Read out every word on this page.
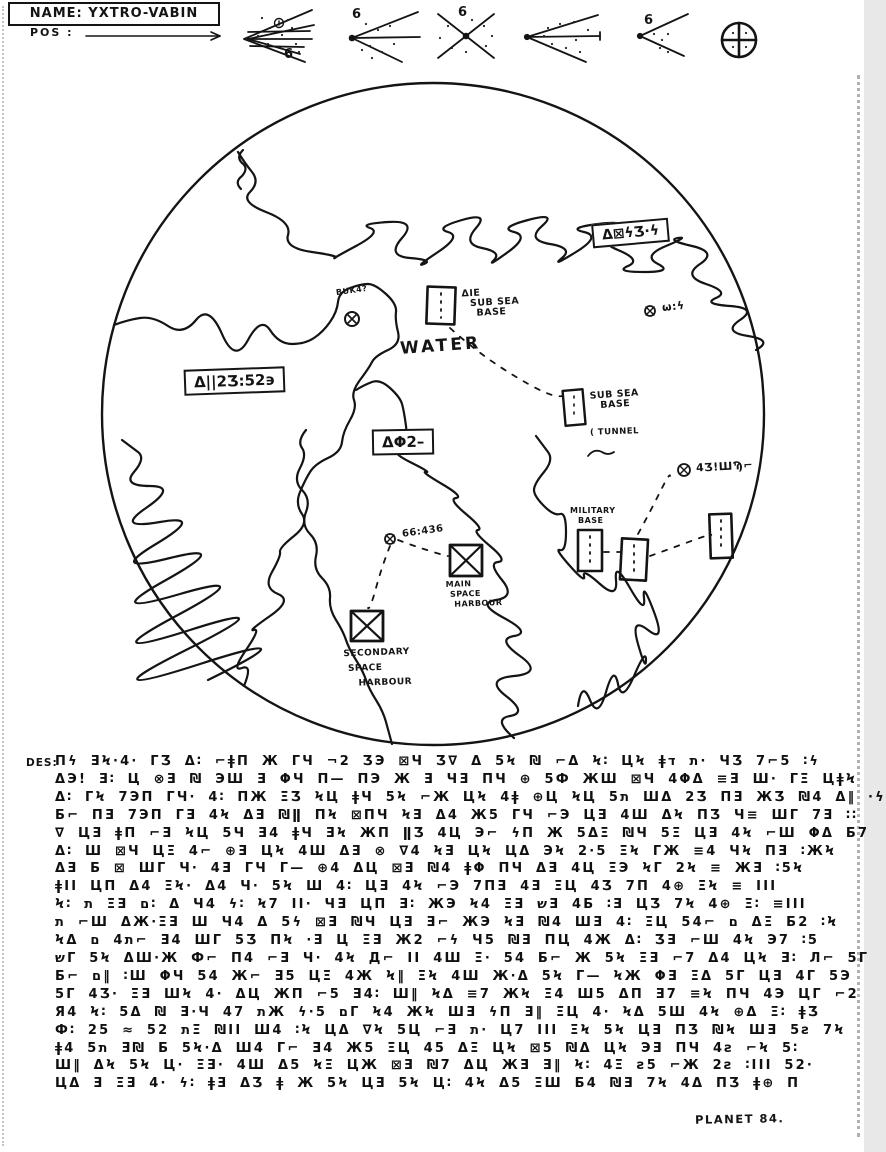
NAME: YXTRO-VABIN
POS :
6
6	6
6
Δ||2Ʒ:52϶
Δ⊠ϟƷ·ϟ
ΔΦ2–
WATER
BUK4?	ΔIE
SUB SEA
BASE	ω:ϟ
SUB SEA
BASE
( TUNNEL
4Ʒ!ШϠ⌐
66:436
MILITARY
BASE
MAIN
SPACE
HARBOUR
SECONDARY
SPACE
HARBOUR
DES:
Πϟ ƎϞ·4· ΓƷ Δ∶ ⌐ǂΠ Ж ΓЧ ¬2 ƷЭ ⊠Ч Ʒ∇ Δ 5Ϟ ₪ ⌐Δ Ϟ∶ ЦϞ ǂת ד· ЧƷ 7⌐5 ∶ϟ
ΔЭ! Ǝ∶ Ц ⊗Ǝ ₪ ЭШ Ǝ ΦЧ Π— ΠЭ Ж Ǝ ЧƎ ΠЧ ⊕ 5Ф ЖШ ⊠Ч 4ΦΔ ≡Ǝ Ш· ΓΞ ЦǂϞ
Δ∶ ΓϞ 7ЭΠ ΓЧ· 4∶ ΠЖ ΞƷ ϞЦ ǂЧ 5Ϟ ⌐Ж ЦϞ 4ǂ ⊕Ц ϞЦ ת5 ШΔ 2Ʒ ΠƎ ЖƷ ₪4 Δ‖ ·ϟ
Б⌐ ΠƎ 7ЭΠ ΓƎ 4Ϟ ΔƎ ₪ǁ ΠϞ ⊠ΠЧ ϞƎ Δ4 Ж5 ΓЧ ⌐Э ЦƎ 4Ш ΔϞ ΠƷ Ч≡ ШΓ 7Ǝ ∶∶
∇ ЦƎ ǂΠ ⌐Ǝ ϞЦ 5Ч Ǝ4 ǂЧ ƎϞ ЖΠ ǁƷ 4Ц Э⌐ ϟΠ Ж 5ΔΞ ₪Ч 5Ξ ЦƎ 4Ϟ ⌐Ш ΦΔ Б7
Δ∶ Ш ⊠Ч ЦΞ 4⌐ ⊕Ǝ ЦϞ 4Ш ΔƎ ⊗ ∇4 ϞƎ ЦϞ ЦΔ ЭϞ 2·5 ΞϞ ΓЖ ≡4 ЧϞ ΠƎ ∶ЖϞ
ΔƎ Б ⊠ ШΓ Ч· 4Ǝ ΓЧ Γ— ⊕4 ΔЦ ⊠Ǝ ₪4 ǂΦ ΠЧ ΔƎ 4Ц ΞЭ ϞΓ 2Ϟ ≡ ЖƎ ∶5Ϟ
ǂII ЦΠ Δ4 ΞϞ· Δ4 Ч· 5Ϟ Ш 4∶ ЦƎ 4Ϟ ⌐Э 7ΠƎ 4Ǝ ΞЦ 4Ʒ 7Π 4⊕ ΞϞ ≡ III
Ϟ∶ ת ΞƎ ם∶ Δ Ч4 ϟ∶ Ϟ7 II· ЧƎ ЦΠ Ǝ∶ ЖЭ Ϟ4 ΞƎ שƎ 4Б ∶Ǝ ЦƷ 7Ϟ 4⊕ Ξ∶ ≡III
ת ⌐Ш ΔЖ·ΞƎ Ш Ч4 Δ 5ϟ ⊠Ǝ ₪Ч ЦƎ Ǝ⌐ ЖЭ ϞƎ ₪4 ШƎ 4∶ ΞЦ 5ם ⌐4 ΔΞ Б2 ∶Ϟ
ϞΔ ת4 ם⌐ Ǝ4 ШΓ 5Ʒ ΠϞ ·Ǝ Ц ΞƎ Ж2 ⌐ϟ Ч5 ₪Ǝ ΠЦ 4Ж Δ∶ ƷƎ ⌐Ш 4Ϟ Э7 ∶5
שΓ 5Ϟ ΔШ·Ж Ф⌐ Π4 ⌐Ǝ Ч· 4Ϟ Д⌐ II 4Ш Ξ· 54 Б⌐ Ж 5Ϟ ΞƎ ⌐7 Δ4 ЦϞ Ǝ∶ Л⌐ 5Γ
Б⌐ ם‖ ∶Ш ΦЧ 54 Ж⌐ Ǝ5 ЦΞ 4Ж Ϟ‖ ΞϞ 4Ш Ж·Δ 5Ϟ Г— ϞЖ ΦƎ ΞΔ 5Γ ЦƎ 4Γ 5Э
5Γ 4Ʒ· ΞƎ ШϞ 4· ΔЦ ЖΠ ⌐5 Ǝ4∶ Ш‖ ϞΔ ≡7 ЖϞ Ξ4 Ш5 ΔΠ Ǝ7 ≡Ϟ ΠЧ 4Э ЦΓ ⌐2
Я4 Ϟ∶ 5Δ ₪ Ǝ·Ч 4ת 7Ж ϟ·ם 5Γ Ϟ4 ЖϞ ШƎ ϟΠ Ǝ‖ ΞЦ 4· ϞΔ 5Ш 4Ϟ ⊕Δ Ξ∶ ǂƷ
Ф∶ 2ת 52 ≈ 5Ξ ₪II Ш4 ∶Ϟ ЦΔ ∇Ϟ 5Ц ⌐Ǝ ת· Ц7 III ΞϞ 5Ϟ ЦƎ ΠƷ ₪Ϟ ШƎ 5ƨ 7Ϟ
ǂ4 ת5 Ǝ₪ Б 5Ϟ·Δ Ш4 Γ⌐ Ǝ4 Ж5 ΞЦ 45 ΔΞ ЦϞ ⊠5 ₪Δ ЦϞ ЭƎ ΠЧ 4ƨ ⌐Ϟ 5∶
Ш‖ ΔϞ 5Ϟ Ц· ΞƎ· 4Ш Δ5 ϞΞ ЦЖ ⊠Ǝ ₪7 ΔЦ ЖƎ Ǝ‖ Ϟ∶ 4Ξ ƨ5 ⌐Ж 2ƨ ∶III 52·
ЦΔ Ǝ ΞƎ 4· ϟ∶ ǂƎ ΔƷ ǂ Ж 5Ϟ ЦƎ 5Ϟ Ц∶ 4Ϟ Δ5 ΞШ Б4 ₪Ǝ 7Ϟ 4Δ ΠƷ ǂ⊕ Π
PLANET 84.
